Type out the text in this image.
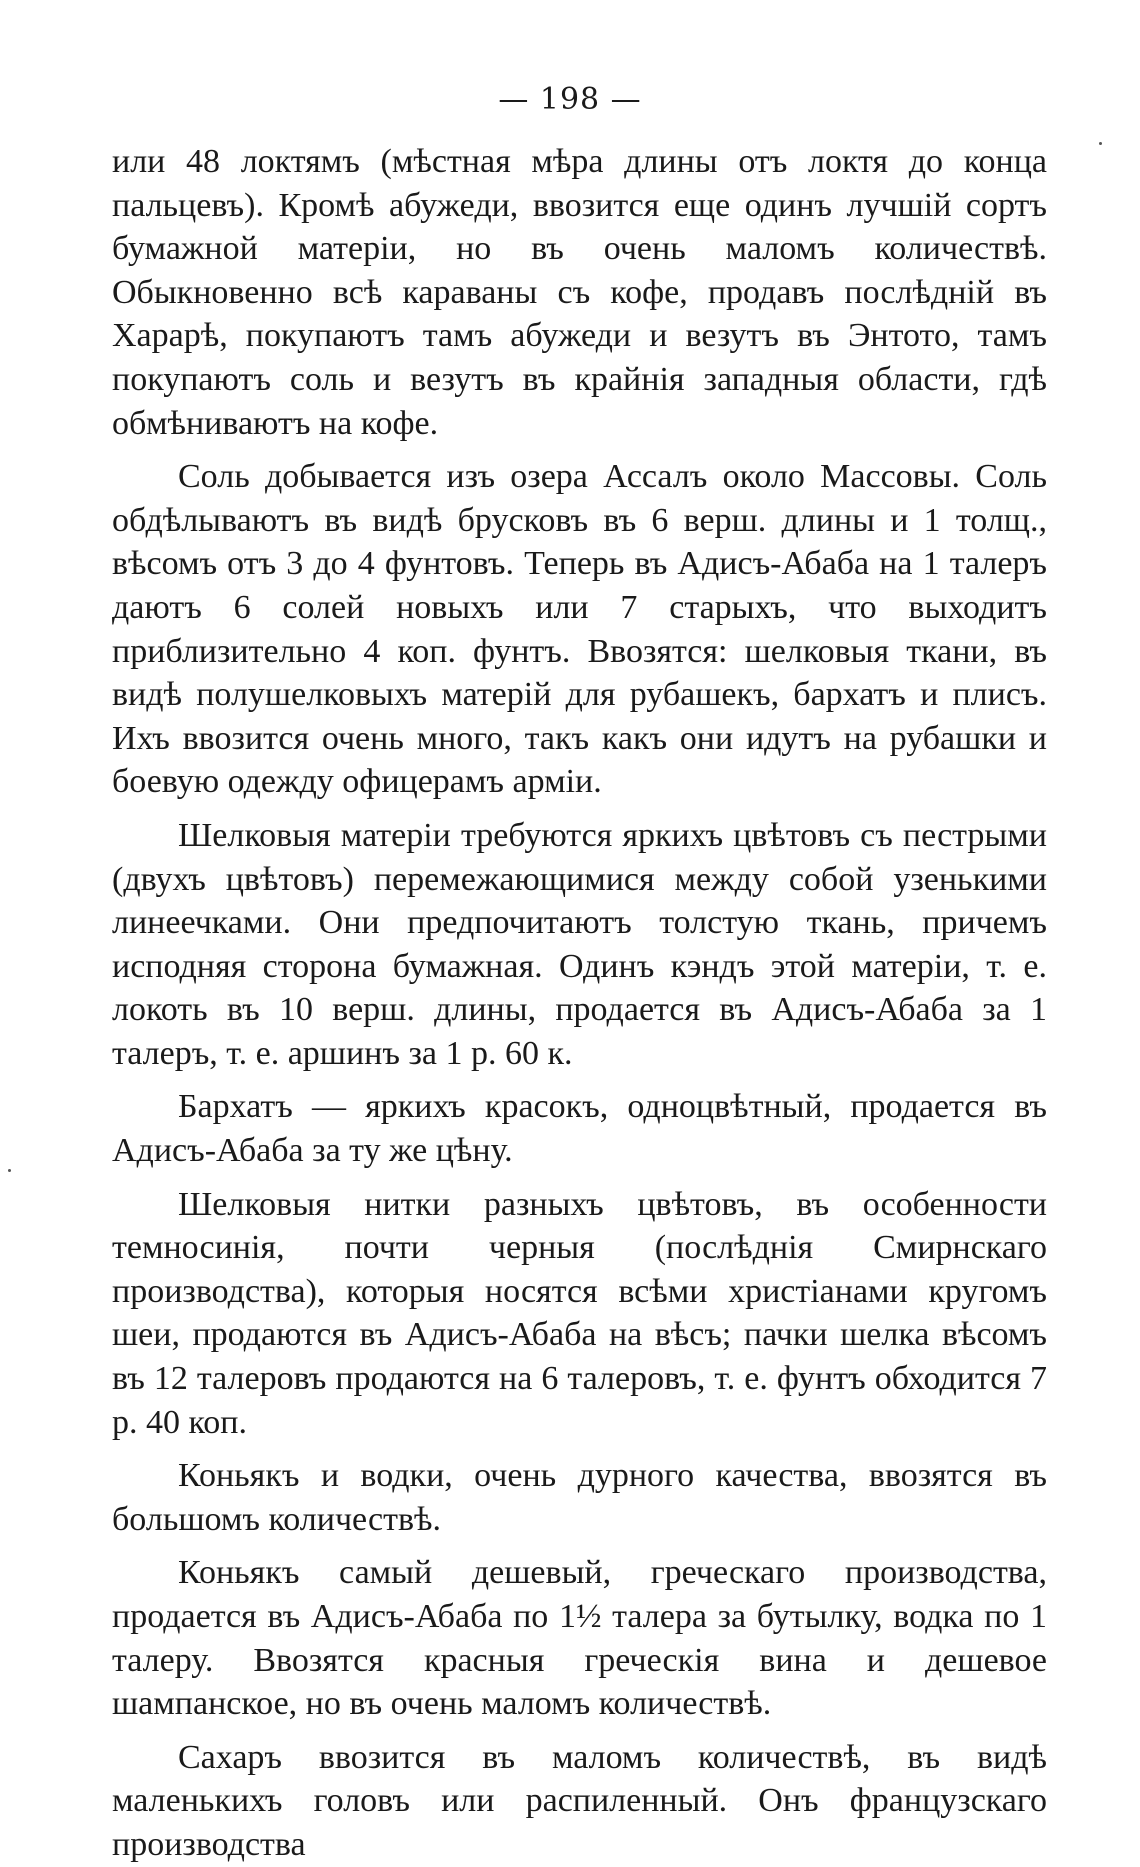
— 198 —

или 48 локтямъ (мѣстная мѣра длины отъ локтя до конца пальцевъ). Кромѣ абужеди, ввозится еще одинъ лучшій сортъ бумажной матеріи, но въ очень маломъ количествѣ. Обыкновенно всѣ караваны съ кофе, продавъ послѣдній въ Харарѣ, покупаютъ тамъ абужеди и везутъ въ Энтото, тамъ покупаютъ соль и везутъ въ крайнія западныя области, гдѣ обмѣниваютъ на кофе.

Соль добывается изъ озера Ассалъ около Массовы. Соль обдѣлываютъ въ видѣ брусковъ въ 6 верш. длины и 1 толщ., вѣсомъ отъ 3 до 4 фунтовъ. Теперь въ Адисъ-Абаба на 1 талеръ даютъ 6 солей новыхъ или 7 старыхъ, что выходитъ приблизительно 4 коп. фунтъ. Ввозятся: шелковыя ткани, въ видѣ полушелковыхъ матерій для рубашекъ, бархатъ и плисъ. Ихъ ввозится очень много, такъ какъ они идутъ на рубашки и боевую одежду офицерамъ арміи.

Шелковыя матеріи требуются яркихъ цвѣтовъ съ пестрыми (двухъ цвѣтовъ) перемежающимися между собой узенькими линеечками. Они предпочитаютъ толстую ткань, причемъ исподняя сторона бумажная. Одинъ кэндъ этой матеріи, т. е. локоть въ 10 верш. длины, продается въ Адисъ-Абаба за 1 талеръ, т. е. аршинъ за 1 р. 60 к.

Бархатъ — яркихъ красокъ, одноцвѣтный, продается въ Адисъ-Абаба за ту же цѣну.

Шелковыя нитки разныхъ цвѣтовъ, въ особенности темносинія, почти черныя (послѣднія Смирнскаго производства), которыя носятся всѣми христіанами кругомъ шеи, продаются въ Адисъ-Абаба на вѣсъ; пачки шелка вѣсомъ въ 12 талеровъ продаются на 6 талеровъ, т. е. фунтъ обходится 7 р. 40 коп.

Коньякъ и водки, очень дурного качества, ввозятся въ большомъ количествѣ.

Коньякъ самый дешевый, греческаго производства, продается въ Адисъ-Абаба по 1½ талера за бутылку, водка по 1 талеру. Ввозятся красныя греческія вина и дешевое шампанское, но въ очень маломъ количествѣ.

Сахаръ ввозится въ маломъ количествѣ, въ видѣ маленькихъ головъ или распиленный. Онъ французскаго производства
